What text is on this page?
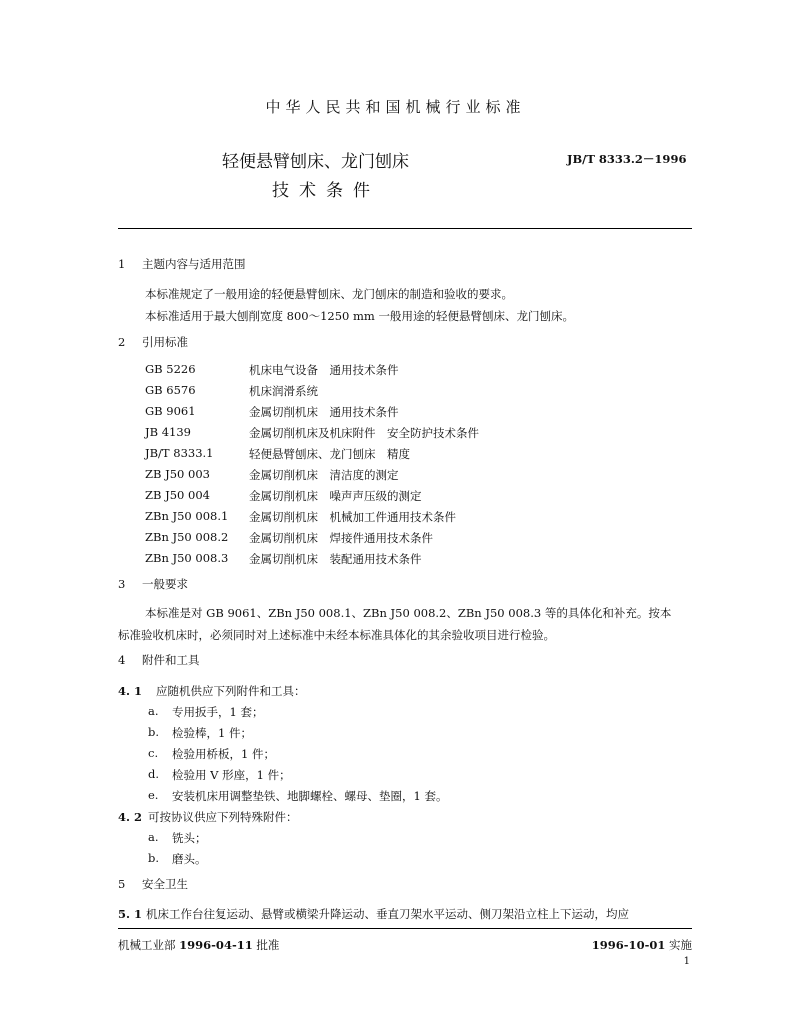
中华人民共和国机械行业标准
轻便悬臂刨床、龙门刨床
技术条件
JB/T 8333.2－1996
1 主题内容与适用范围
本标准规定了一般用途的轻便悬臂刨床、龙门刨床的制造和验收的要求。
本标准适用于最大刨削宽度 800～1250 mm 一般用途的轻便悬臂刨床、龙门刨床。
2 引用标准
GB 5226	机床电气设备　通用技术条件
GB 6576	机床润滑系统
GB 9061	金属切削机床　通用技术条件
JB 4139	金属切削机床及机床附件　安全防护技术条件
JB/T 8333.1	轻便悬臂刨床、龙门刨床　精度
ZB J50 003	金属切削机床　清洁度的测定
ZB J50 004	金属切削机床　噪声声压级的测定
ZBn J50 008.1 金属切削机床　机械加工件通用技术条件
ZBn J50 008.2 金属切削机床　焊接件通用技术条件
ZBn J50 008.3 金属切削机床　装配通用技术条件
3 一般要求
本标准是对 GB 9061、ZBn J50 008.1、ZBn J50 008.2、ZBn J50 008.3 等的具体化和补充。按本
标准验收机床时，必须同时对上述标准中未经本标准具体化的其余验收项目进行检验。
4 附件和工具
4. 1 应随机供应下列附件和工具：
a. 专用扳手，1 套；
b. 检验棒，1 件；
c. 检验用桥板，1 件；
d. 检验用 V 形座，1 件；
e. 安装机床用调整垫铁、地脚螺栓、螺母、垫圈，1 套。
4. 2 可按协议供应下列特殊附件：
a. 铣头；
b. 磨头。
5 安全卫生
5. 1 机床工作台往复运动、悬臂或横梁升降运动、垂直刀架水平运动、侧刀架沿立柱上下运动，均应
机械工业部 1996-04-11 批准	1996-10-01 实施
1
